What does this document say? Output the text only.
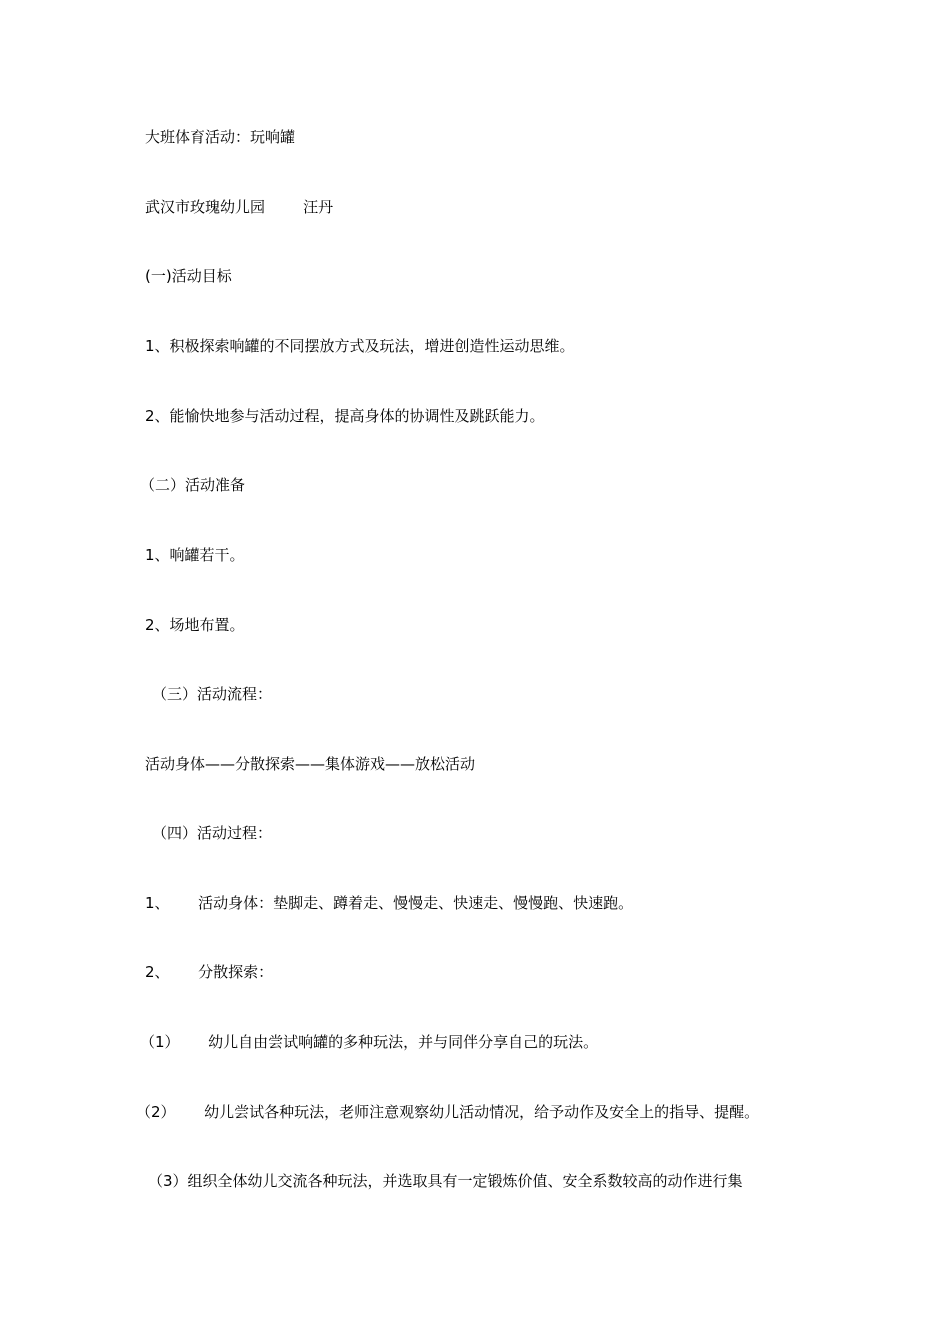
大班体育活动：玩响罐
武汉市玫瑰幼儿园        汪丹
(一)活动目标
1、积极探索响罐的不同摆放方式及玩法，增进创造性运动思维。
2、能愉快地参与活动过程，提高身体的协调性及跳跃能力。
（二）活动准备
1、响罐若干。
2、场地布置。
（三）活动流程：
活动身体——分散探索——集体游戏——放松活动
（四）活动过程：
1、      活动身体：垫脚走、蹲着走、慢慢走、快速走、慢慢跑、快速跑。
2、      分散探索：
（1）      幼儿自由尝试响罐的多种玩法，并与同伴分享自己的玩法。
（2）      幼儿尝试各种玩法，老师注意观察幼儿活动情况，给予动作及安全上的指导、提醒。
（3）组织全体幼儿交流各种玩法，并选取具有一定锻炼价值、安全系数较高的动作进行集
